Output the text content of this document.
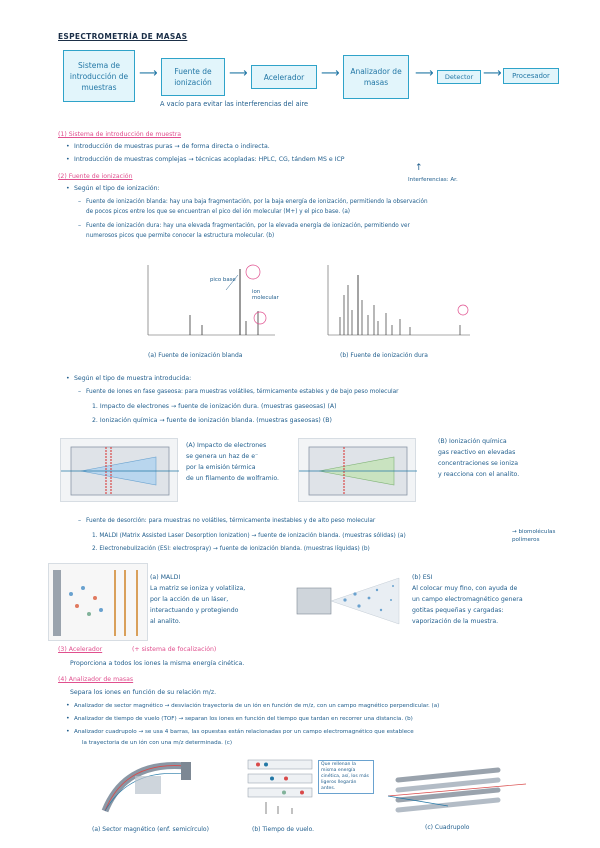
ESPECTROMETRÍA DE MASAS
Sistema de introducción de muestras
⟶	Fuente de ionización
⟶	Acelerador	⟶	Analizador de masas
⟶	Detector ⟶	Procesador
A vacío para evitar las interferencias del aire
(1) Sistema de introducción de muestra
• Introducción de muestras puras → de forma directa o indirecta.
• Introducción de muestras complejas → técnicas acopladas: HPLC, CG, tándem MS e ICP
↑
Interferencias: Ar.
(2) Fuente de ionización
• Según el tipo de ionización:
– Fuente de ionización blanda: hay una baja fragmentación, por la baja energía de ionización, permitiendo la observación
de pocos picos entre los que se encuentran el pico del ión molecular (M+) y el pico base. (a)
– Fuente de ionización dura: hay una elevada fragmentación, por la elevada energía de ionización, permitiendo ver
numerosos picos que permite conocer la estructura molecular. (b)
pico base
ion molecular
(a) Fuente de ionización blanda	(b) Fuente de ionización dura
• Según el tipo de muestra introducida:
– Fuente de iones en fase gaseosa: para muestras volátiles, térmicamente estables y de bajo peso molecular
1. Impacto de electrones → fuente de ionización dura. (muestras gaseosas) (A)
2. Ionización química → fuente de ionización blanda. (muestras gaseosas) (B)
(A) Impacto de electrones
se genera un haz de e⁻
por la emisión térmica
de un filamento de wolframio.
(B) Ionización química
gas reactivo en elevadas
concentraciones se ioniza
y reacciona con el analito.
– Fuente de desorción: para muestras no volátiles, térmicamente inestables y de alto peso molecular
1. MALDI (Matrix Assisted Laser Desorption Ionization) → fuente de ionización blanda. (muestras sólidas) (a)
2. Electronebulización (ESI: electrospray) → fuente de ionización blanda. (muestras líquidas) (b)
→ biomoléculas polímeros
(a) MALDI
La matriz se ioniza y volatiliza,
por la acción de un láser,
interactuando y protegiendo
al analito.
(b) ESI
Al colocar muy fino, con ayuda de
un campo electromagnético genera
gotitas pequeñas y cargadas:
vaporización de la muestra.
(3) Acelerador	(+ sistema de focalización)
Proporciona a todos los iones la misma energía cinética.
(4) Analizador de masas
Separa los iones en función de su relación m/z.
• Analizador de sector magnético → desviación trayectoria de un ión en función de m/z, con un campo magnético perpendicular. (a)
• Analizador de tiempo de vuelo (TOF) → separan los iones en función del tiempo que tardan en recorrer una distancia. (b)
• Analizador cuadrupolo → se usa 4 barras, las opuestas están relacionadas por un campo electromagnético que establece
la trayectoria de un ión con una m/z determinada. (c)
(a) Sector magnético (enf. semicírculo)
Que rellenan la misma energía cinética, así, los más ligeros llegarán antes.
(b) Tiempo de vuelo.	(c) Cuadrupolo
